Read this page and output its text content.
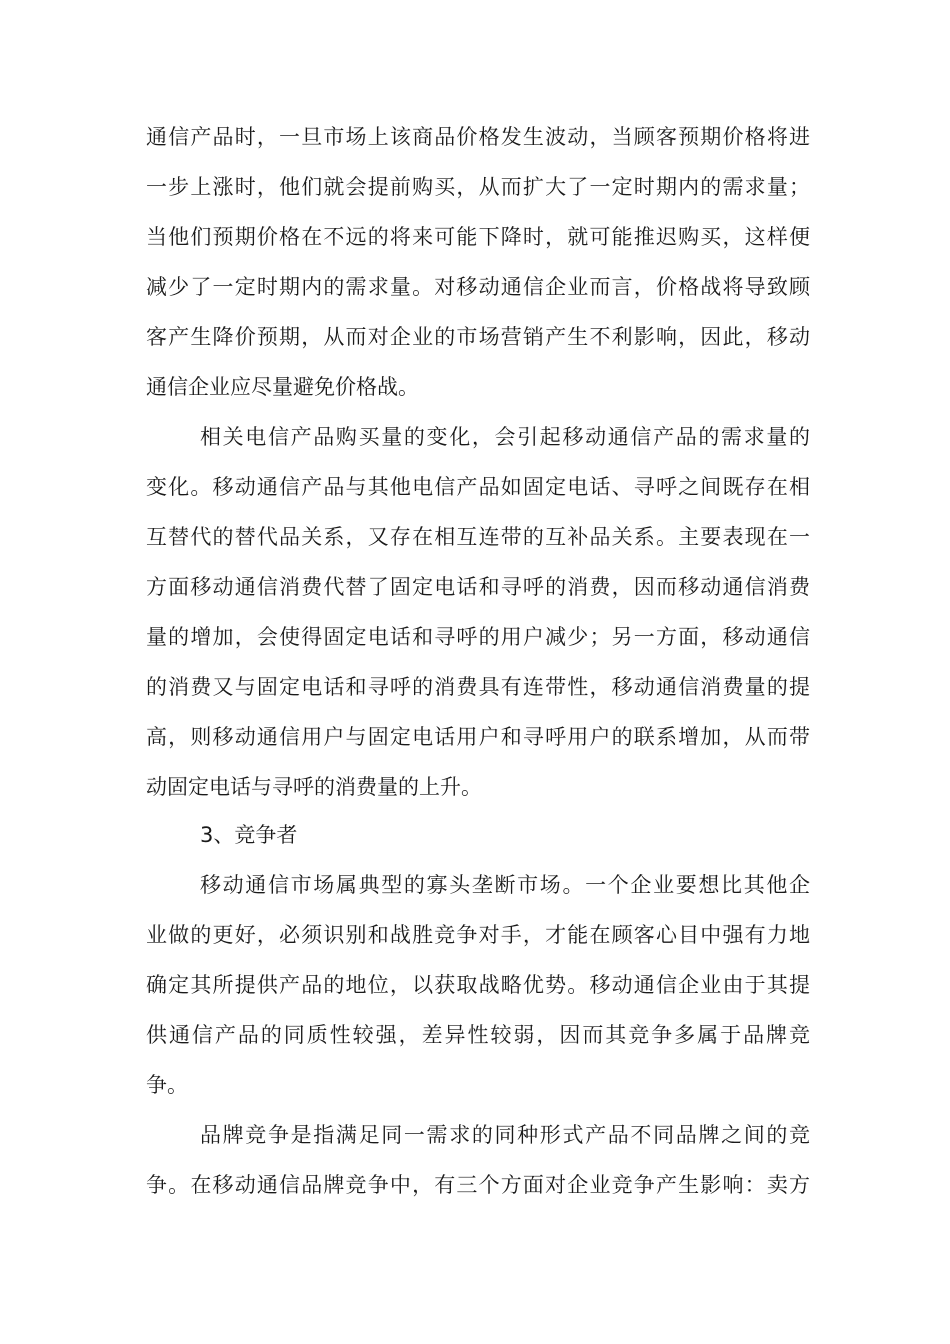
通信产品时，一旦市场上该商品价格发生波动，当顾客预期价格将进
一步上涨时，他们就会提前购买，从而扩大了一定时期内的需求量；
当他们预期价格在不远的将来可能下降时，就可能推迟购买，这样便
减少了一定时期内的需求量。对移动通信企业而言，价格战将导致顾
客产生降价预期，从而对企业的市场营销产生不利影响，因此，移动
通信企业应尽量避免价格战。
相关电信产品购买量的变化，会引起移动通信产品的需求量的
变化。移动通信产品与其他电信产品如固定电话、寻呼之间既存在相
互替代的替代品关系，又存在相互连带的互补品关系。主要表现在一
方面移动通信消费代替了固定电话和寻呼的消费，因而移动通信消费
量的增加，会使得固定电话和寻呼的用户减少；另一方面，移动通信
的消费又与固定电话和寻呼的消费具有连带性，移动通信消费量的提
高，则移动通信用户与固定电话用户和寻呼用户的联系增加，从而带
动固定电话与寻呼的消费量的上升。
3、竞争者
移动通信市场属典型的寡头垄断市场。一个企业要想比其他企
业做的更好，必须识别和战胜竞争对手，才能在顾客心目中强有力地
确定其所提供产品的地位，以获取战略优势。移动通信企业由于其提
供通信产品的同质性较强，差异性较弱，因而其竞争多属于品牌竞
争。
品牌竞争是指满足同一需求的同种形式产品不同品牌之间的竞
争。在移动通信品牌竞争中，有三个方面对企业竞争产生影响：卖方
